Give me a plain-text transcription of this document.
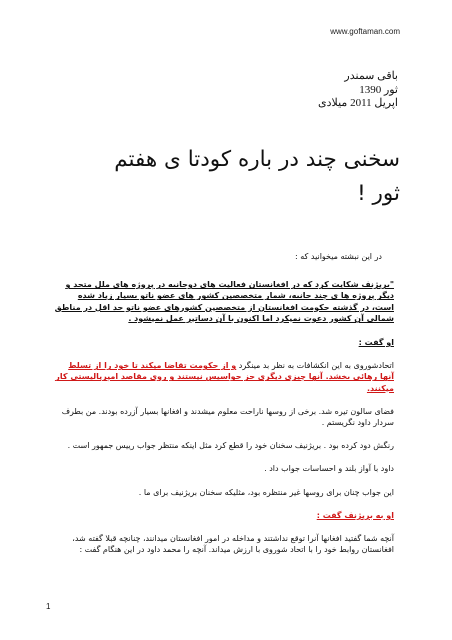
www.goftaman.com
باقی سمندر
ثور 1390
اپریل 2011 میلادی
سخنی چند در باره کودتا ی هفتم
ثور !

در این نبشته میخوانید که :

"بریژنف شکایت کرد که در افغانستان فعالیت های دوجانبه در پروژه های ملل متحد و دیگر پروژه ها ی چند جانبه، شمار متخصصین کشور های عضو ناتو بسیار زیاد شده است، در گذشته حکومت افغانستان از متخصصین کشورهای عضو ناتو حد اقل در مناطق شمالی آن کشور دعوت نمیکرد اما اکنون با آن دساتیر عمل نمیشود .

او گفت :

اتحادشوروی به این انکشافات به نظر بد مینگرد و از حکومت تقاضا میکند تا خود را از تسلط آنها رهائی بخشد. آنها چیزی دیگری جز جواسیس نیستند و روی مقاصد امپریالیستی کار میکنند.

فضای سالون تیره شد. برخی از روسها ناراحت معلوم میشدند و افغانها بسیار آزرده بودند. من بطرف سردار داود نگریستم .

رنگش دود کرده بود . بریژنیف سخنان خود را قطع کرد مثل اینکه منتظر جواب رییس جمهور است .

داود با آواز بلند و احساسات جواب داد .

این جواب چنان برای روسها غیر منتظره بود، مثلیکه سخنان بریژنیف برای ما .

او به بریژنف گفت :

آنچه شما گفتید افغانها آنرا توقع نداشتند و مداخله در امور افغانستان میدانند، چنانچه قبلا گفته شد، افغانستان روابط خود را با اتحاد شوروی با ارزش میداند. آنچه را محمد داود در این هنگام گفت :

1
